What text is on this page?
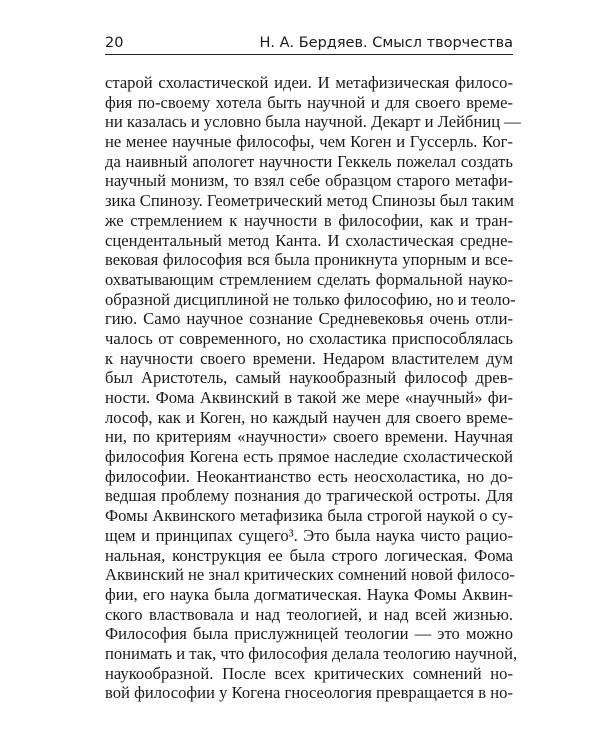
20	Н. А. Бердяев. Смысл творчества
старой схоластической идеи. И метафизическая филосо-
фия по-своему хотела быть научной и для своего време-
ни казалась и условно была научной. Декарт и Лейбниц —
не менее научные философы, чем Коген и Гуссерль. Ког-
да наивный апологет научности Геккель пожелал создать
научный монизм, то взял себе образцом старого метафи-
зика Спинозу. Геометрический метод Спинозы был таким
же стремлением к научности в философии, как и тран-
сцендентальный метод Канта. И схоластическая средне-
вековая философия вся была проникнута упорным и все-
охватывающим стремлением сделать формальной науко-
образной дисциплиной не только философию, но и теоло-
гию. Само научное сознание Средневековья очень отли-
чалось от современного, но схоластика приспособлялась
к научности своего времени. Недаром властителем дум
был Аристотель, самый наукообразный философ древ-
ности. Фома Аквинский в такой же мере «научный» фи-
лософ, как и Коген, но каждый научен для своего време-
ни, по критериям «научности» своего времени. Научная
философия Когена есть прямое наследие схоластической
философии. Неокантианство есть неосхоластика, но до-
ведшая проблему познания до трагической остроты. Для
Фомы Аквинского метафизика была строгой наукой о су-
щем и принципах сущего³. Это была наука чисто рацио-
нальная, конструкция ее была строго логическая. Фома
Аквинский не знал критических сомнений новой филосо-
фии, его наука была догматическая. Наука Фомы Аквин-
ского властвовала и над теологией, и над всей жизнью.
Философия была прислужницей теологии — это можно
понимать и так, что философия делала теологию научной,
наукообразной. После всех критических сомнений но-
вой философии у Когена гносеология превращается в но-
